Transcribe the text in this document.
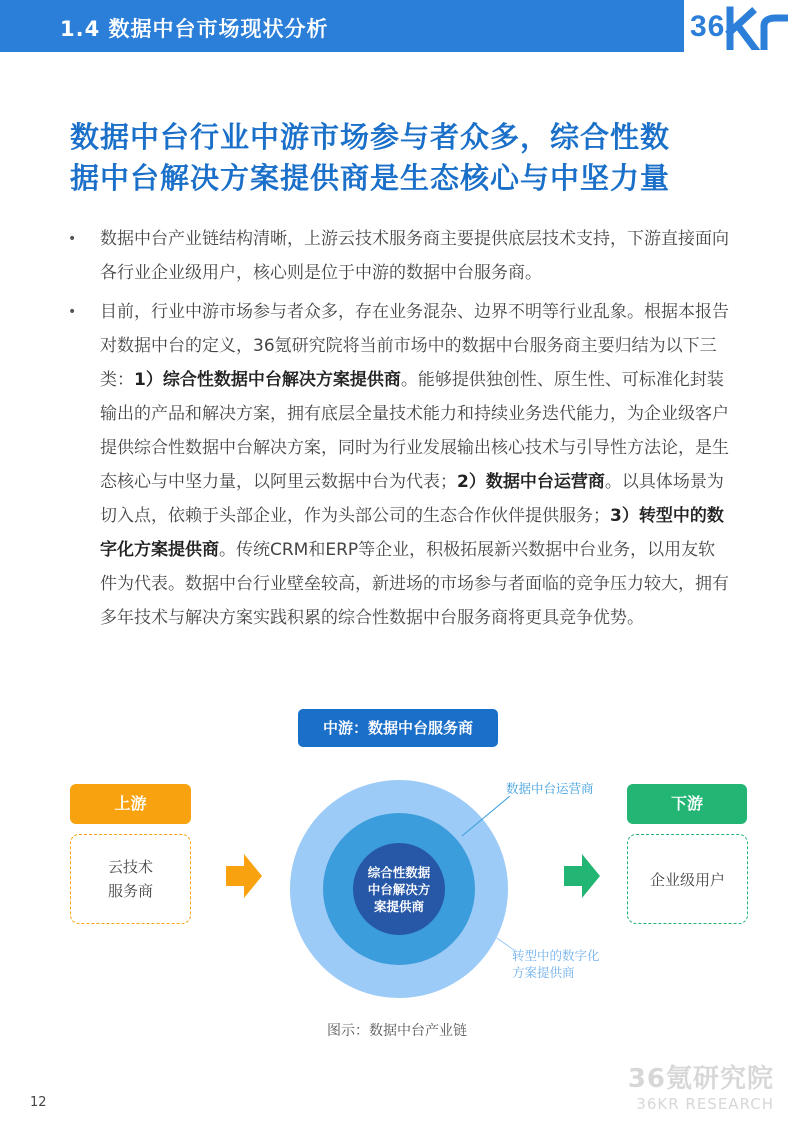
1.4 数据中台市场现状分析	36
数据中台行业中游市场参与者众多，综合性数
据中台解决方案提供商是生态核心与中坚力量
• 数据中台产业链结构清晰，上游云技术服务商主要提供底层技术支持，下游直接面向各行业企业级用户，核心则是位于中游的数据中台服务商。
• 目前，行业中游市场参与者众多，存在业务混杂、边界不明等行业乱象。根据本报告对数据中台的定义，36氪研究院将当前市场中的数据中台服务商主要归结为以下三类：1）综合性数据中台解决方案提供商。能够提供独创性、原生性、可标准化封装输出的产品和解决方案，拥有底层全量技术能力和持续业务迭代能力，为企业级客户提供综合性数据中台解决方案，同时为行业发展输出核心技术与引导性方法论，是生态核心与中坚力量，以阿里云数据中台为代表；2）数据中台运营商。以具体场景为切入点，依赖于头部企业，作为头部公司的生态合作伙伴提供服务；3）转型中的数字化方案提供商。传统CRM和ERP等企业，积极拓展新兴数据中台业务，以用友软件为代表。数据中台行业壁垒较高，新进场的市场参与者面临的竞争压力较大，拥有多年技术与解决方案实践积累的综合性数据中台服务商将更具竞争优势。
中游：数据中台服务商
上游
云技术服务商
综合性数据中台解决方案提供商
数据中台运营商
转型中的数字化方案提供商
下游
企业级用户
图示：数据中台产业链
36氪研究院
36KR RESEARCH
12
